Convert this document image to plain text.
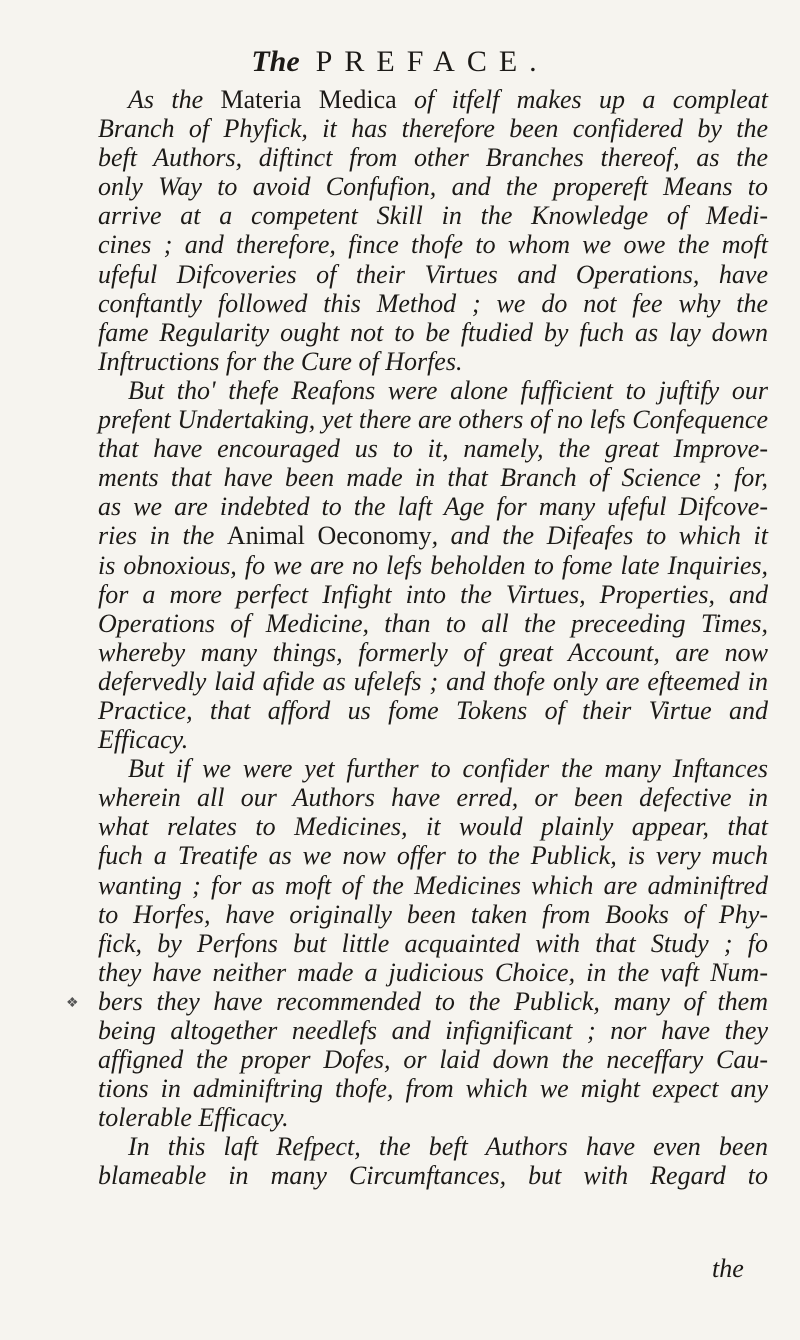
The PREFACE.
As the Materia Medica of itfelf makes up a compleat
Branch of Phyfick, it has therefore been confidered by the
beft Authors, diftinct from other Branches thereof, as the
only Way to avoid Confufion, and the propereft Means to
arrive at a competent Skill in the Knowledge of Medi-
cines ; and therefore, fince thofe to whom we owe the moft
ufeful Difcoveries of their Virtues and Operations, have
conftantly followed this Method ; we do not fee why the
fame Regularity ought not to be ftudied by fuch as lay down
Inftructions for the Cure of Horfes.
But tho' thefe Reafons were alone fufficient to juftify our
prefent Undertaking, yet there are others of no lefs Confequence
that have encouraged us to it, namely, the great Improve-
ments that have been made in that Branch of Science ; for,
as we are indebted to the laft Age for many ufeful Difcove-
ries in the Animal Oeconomy, and the Difeafes to which it
is obnoxious, fo we are no lefs beholden to fome late Inquiries,
for a more perfect Infight into the Virtues, Properties, and
Operations of Medicine, than to all the preceeding Times,
whereby many things, formerly of great Account, are now
defervedly laid afide as ufelefs ; and thofe only are efteemed in
Practice, that afford us fome Tokens of their Virtue and
Efficacy.
But if we were yet further to confider the many Inftances
wherein all our Authors have erred, or been defective in
what relates to Medicines, it would plainly appear, that
fuch a Treatife as we now offer to the Publick, is very much
wanting ; for as moft of the Medicines which are adminiftred
to Horfes, have originally been taken from Books of Phy-
fick, by Perfons but little acquainted with that Study ; fo
they have neither made a judicious Choice, in the vaft Num-
bers they have recommended to the Publick, many of them
being altogether needlefs and infignificant ; nor have they
affigned the proper Dofes, or laid down the neceffary Cau-
tions in adminiftring thofe, from which we might expect any
tolerable Efficacy.
In this laft Refpect, the beft Authors have even been
blameable in many Circumftances, but with Regard to
❖
the
